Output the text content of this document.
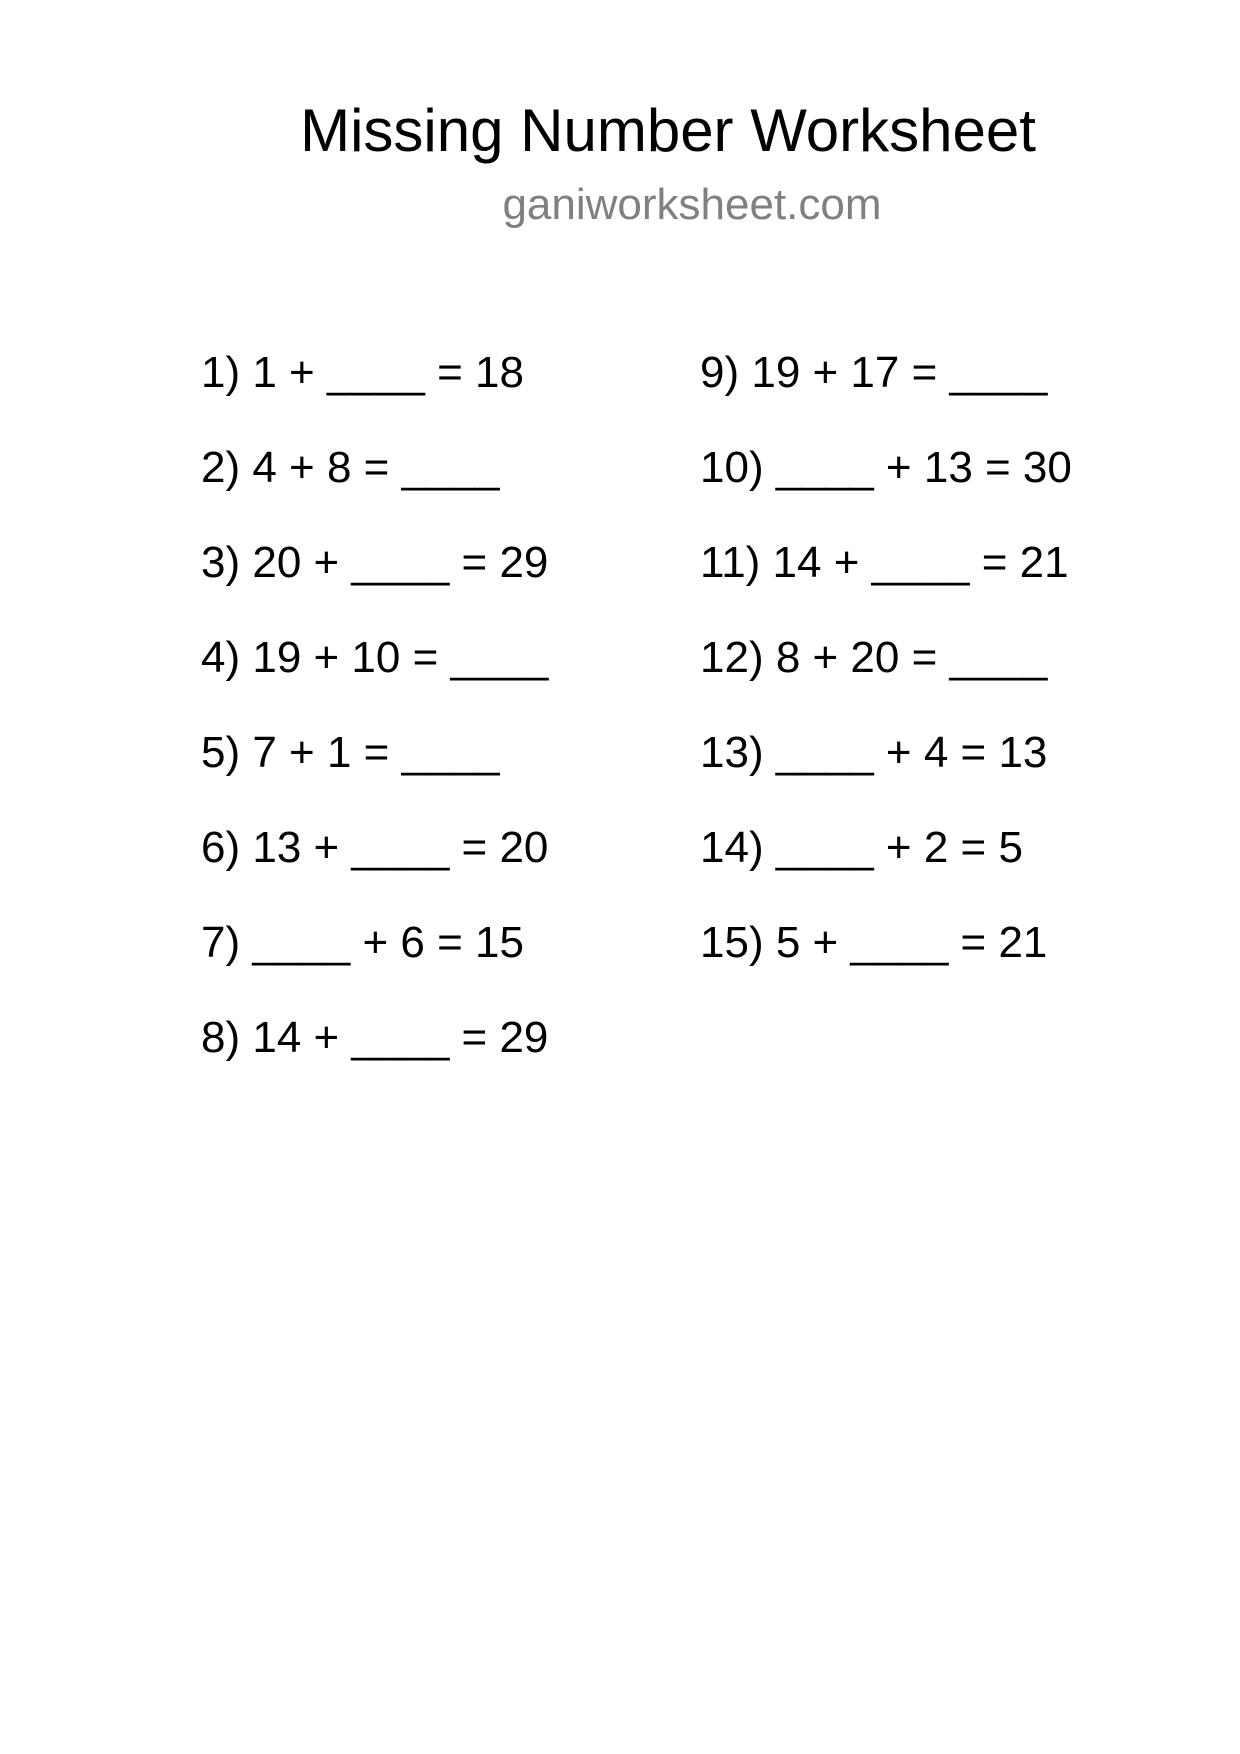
Missing Number Worksheet
ganiworksheet.com
1) 1 + ____ = 18
2) 4 + 8 = ____
3) 20 + ____ = 29
4) 19 + 10 = ____
5) 7 + 1 = ____
6) 13 + ____ = 20
7) ____ + 6 = 15
8) 14 + ____ = 29
9) 19 + 17 = ____
10) ____ + 13 = 30
11) 14 + ____ = 21
12) 8 + 20 = ____
13) ____ + 4 = 13
14) ____ + 2 = 5
15) 5 + ____ = 21
